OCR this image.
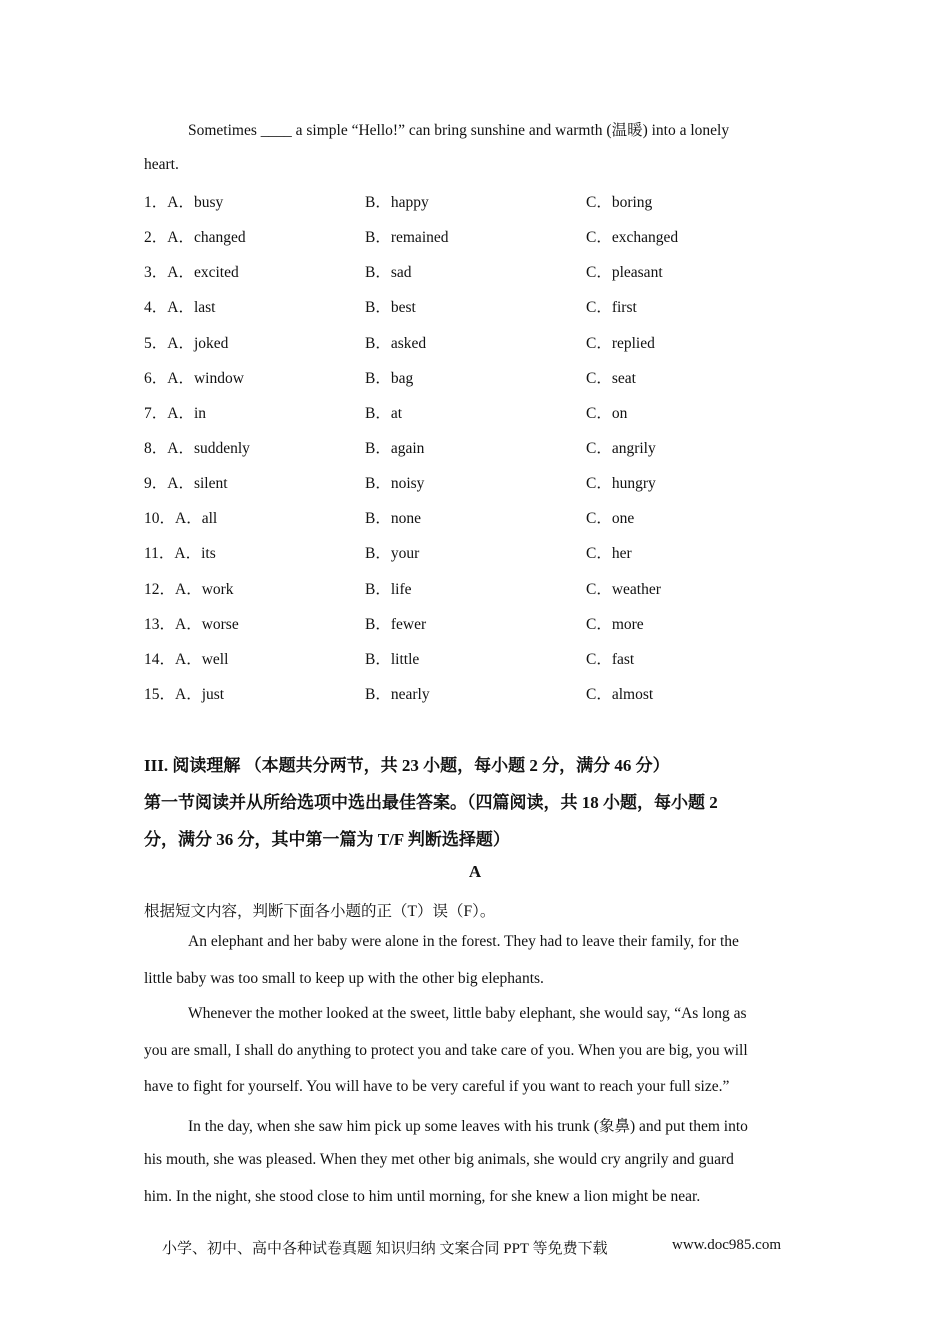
Sometimes ____ a simple “Hello!” can bring sunshine and warmth (温暖) into a lonely
heart.
1．A．busy	B．happy	C．boring
2．A．changed	B．remained	C．exchanged
3．A．excited	B．sad	C．pleasant
4．A．last	B．best	C．first
5．A．joked	B．asked	C．replied
6．A．window	B．bag	C．seat
7．A．in	B．at	C．on
8．A．suddenly	B．again	C．angrily
9．A．silent	B．noisy	C．hungry
10．A．all	B．none	C．one
11．A．its	B．your	C．her
12．A．work	B．life	C．weather
13．A．worse	B．fewer	C．more
14．A．well	B．little	C．fast
15．A．just	B．nearly	C．almost
III. 阅读理解 （本题共分两节，共 23 小题，每小题 2 分，满分 46 分）
第一节阅读并从所给选项中选出最佳答案。（四篇阅读，共 18 小题，每小题 2
分，满分 36 分，其中第一篇为 T/F 判断选择题）
A
根据短文内容，判断下面各小题的正（T）误（F）。
An elephant and her baby were alone in the forest. They had to leave their family, for the
little baby was too small to keep up with the other big elephants.
Whenever the mother looked at the sweet, little baby elephant, she would say, “As long as
you are small, I shall do anything to protect you and take care of you. When you are big, you will
have to fight for yourself. You will have to be very careful if you want to reach your full size.”
In the day, when she saw him pick up some leaves with his trunk (象鼻) and put them into
his mouth, she was pleased. When they met other big animals, she would cry angrily and guard
him. In the night, she stood close to him until morning, for she knew a lion might be near.
小学、初中、高中各种试卷真题 知识归纳 文案合同 PPT 等免费下载	www.doc985.com
